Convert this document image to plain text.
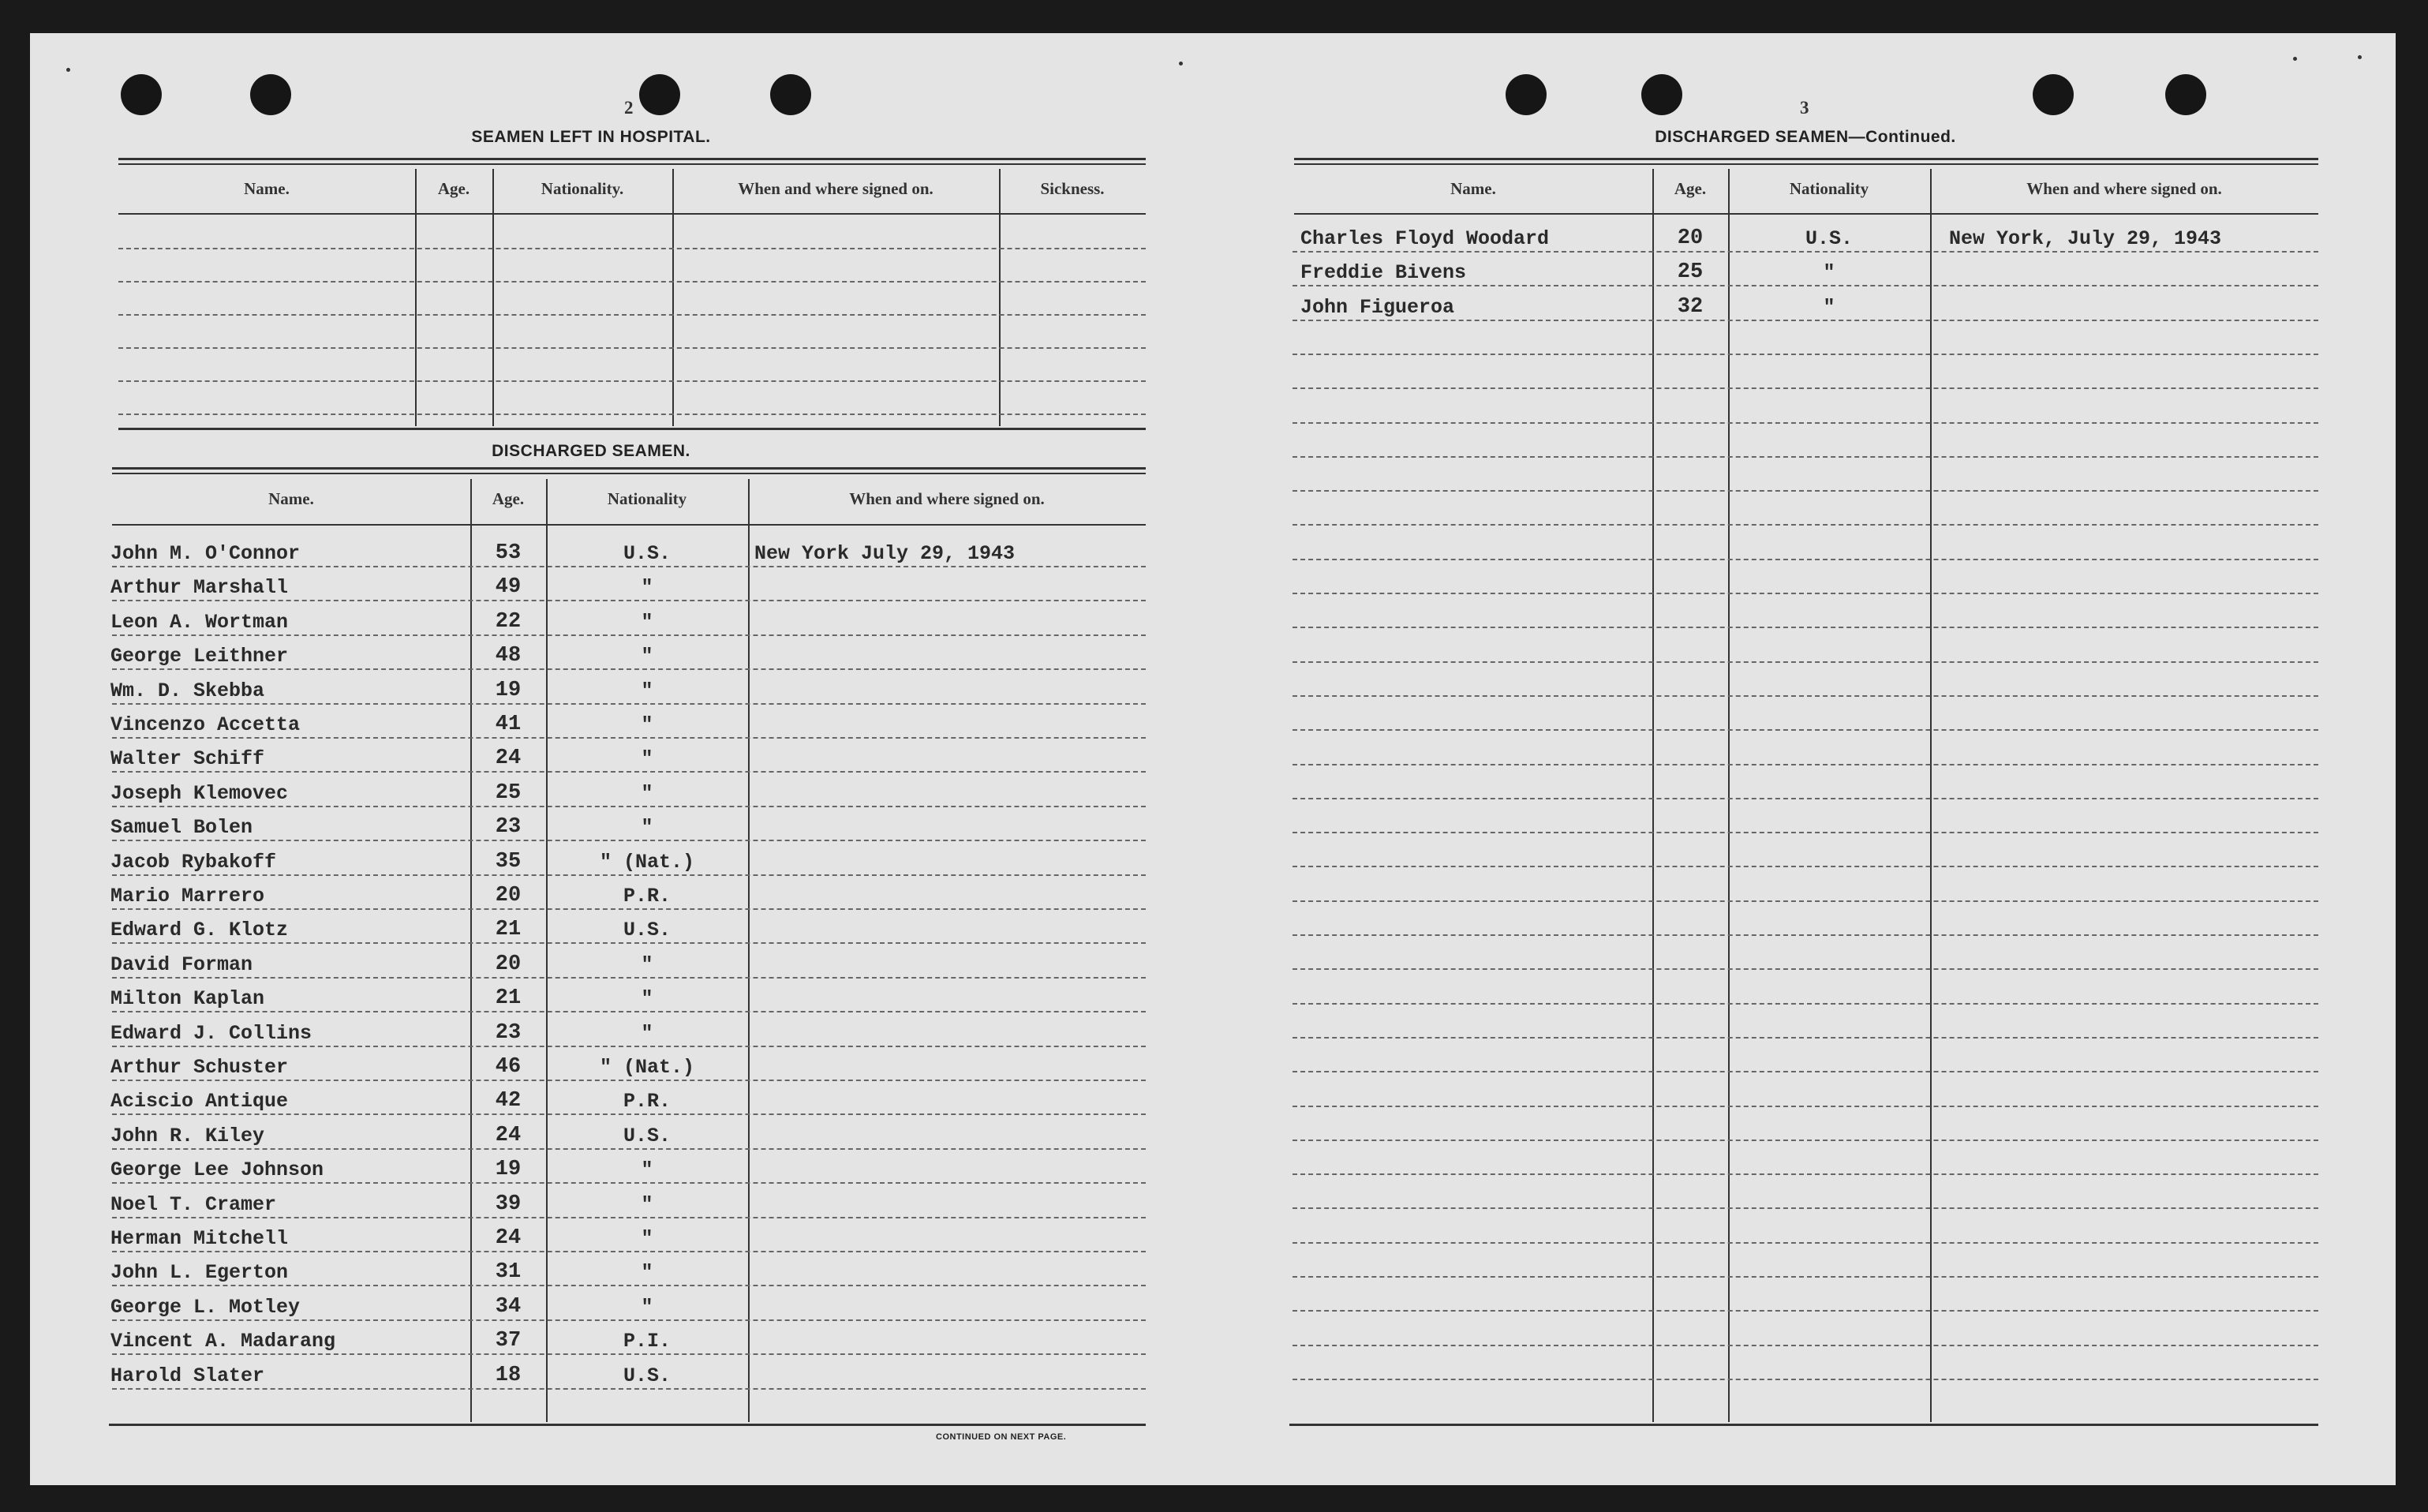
2
SEAMEN LEFT IN HOSPITAL.
Name.	Age.	Nationality.	When and where signed on.	Sickness.
DISCHARGED SEAMEN.
Name.	Age.	Nationality	When and where signed on.
John M. O'Connor	53	U.S.	New York July 29, 1943
Arthur Marshall	49	"
Leon A. Wortman	22	"
George Leithner	48	"
Wm. D. Skebba	19	"
Vincenzo Accetta	41	"
Walter Schiff	24	"
Joseph Klemovec	25	"
Samuel Bolen	23	"
Jacob Rybakoff	35	" (Nat.)
Mario Marrero	20	P.R.
Edward G. Klotz	21	U.S.
David Forman	20	"
Milton Kaplan	21	"
Edward J. Collins	23	"
Arthur Schuster	46	" (Nat.)
Aciscio Antique	42	P.R.
John R. Kiley	24	U.S.
George Lee Johnson	19	"
Noel T. Cramer	39	"
Herman Mitchell	24	"
John L. Egerton	31	"
George L. Motley	34	"
Vincent A. Madarang	37	P.I.
Harold Slater	18	U.S.
CONTINUED ON NEXT PAGE.
3
DISCHARGED SEAMEN—Continued.
Name.	Age.	Nationality	When and where signed on.
Charles Floyd Woodard	20	U.S.	New York, July 29, 1943
Freddie Bivens	25	"
John Figueroa	32	"
